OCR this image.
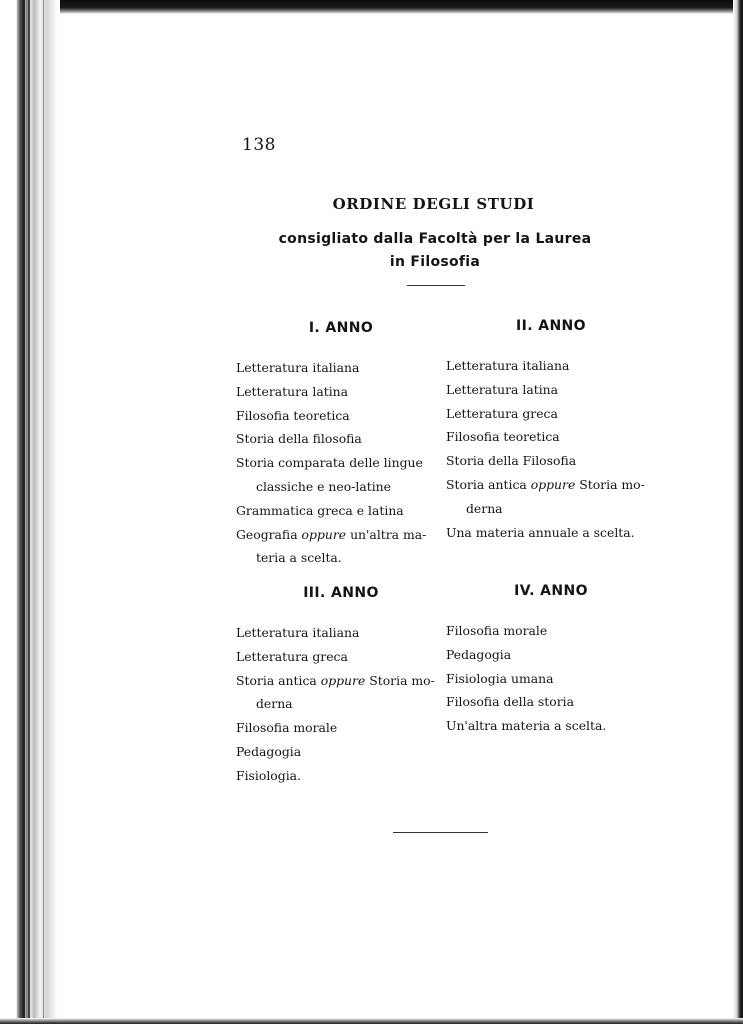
138
ORDINE DEGLI STUDI
consigliato dalla Facoltà per la Laurea
in Filosofia
I. ANNO
Letteratura italiana
Letteratura latina
Filosofia teoretica
Storia della filosofia
Storia comparata delle lingue
classiche e neo-latine
Grammatica greca e latina
Geografia oppure un'altra ma-
teria a scelta.
II. ANNO
Letteratura italiana
Letteratura latina
Letteratura greca
Filosofia teoretica
Storia della Filosofia
Storia antica oppure Storia mo-
derna
Una materia annuale a scelta.
III. ANNO
Letteratura italiana
Letteratura greca
Storia antica oppure Storia mo-
derna
Filosofia morale
Pedagogia
Fisiologia.
IV. ANNO
Filosofia morale
Pedagogia
Fisiologia umana
Filosofia della storia
Un'altra materia a scelta.
